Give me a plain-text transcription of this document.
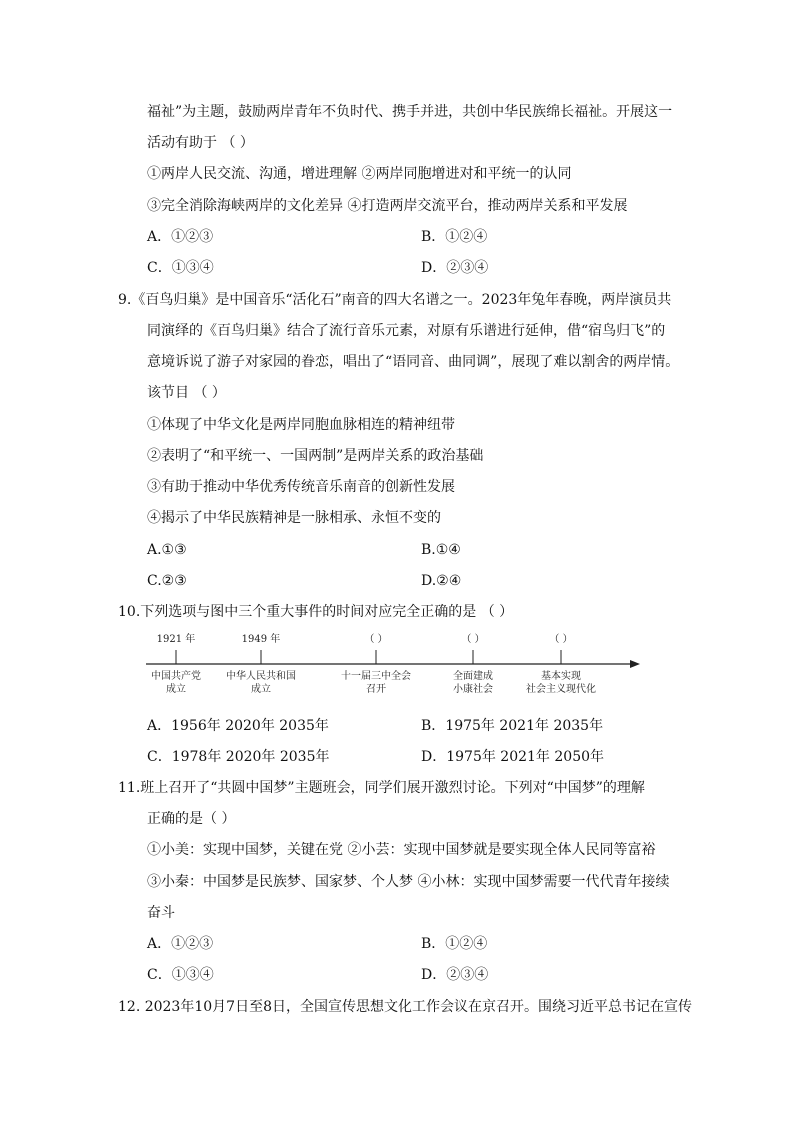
福祉”为主题，鼓励两岸青年不负时代、携手并进，共创中华民族绵长福祉。开展这一
活动有助于 （ ）
①两岸人民交流、沟通，增进理解 ②两岸同胞增进对和平统一的认同
③完全消除海峡两岸的文化差异 ④打造两岸交流平台，推动两岸关系和平发展
A．①②③	B．①②④
C．①③④	D．②③④
9.《百鸟归巢》是中国音乐“活化石”南音的四大名谱之一。2023年兔年春晚，两岸演员共
同演绎的《百鸟归巢》结合了流行音乐元素，对原有乐谱进行延伸，借“宿鸟归飞”的
意境诉说了游子对家园的眷恋，唱出了“语同音、曲同调”，展现了难以割舍的两岸情。
该节目 （ ）
①体现了中华文化是两岸同胞血脉相连的精神纽带
②表明了“和平统一、一国两制”是两岸关系的政治基础
③有助于推动中华优秀传统音乐南音的创新性发展
④揭示了中华民族精神是一脉相承、永恒不变的
A.①③	B.①④
C.②③	D.②④
10.下列选项与图中三个重大事件的时间对应完全正确的是 （ ）
1921 年	1949 年	（ ）	（ ）	（ ）
中国共产党
成立
中华人民共和国
成立
十一届三中全会
召开
全面建成
小康社会
基本实现
社会主义现代化
A．1956年 2020年 2035年	B．1975年 2021年 2035年
C．1978年 2020年 2035年	D．1975年 2021年 2050年
11.班上召开了“共圆中国梦”主题班会，同学们展开激烈讨论。下列对“中国梦”的理解
正确的是（ ）
①小美：实现中国梦，关键在党 ②小芸：实现中国梦就是要实现全体人民同等富裕
③小秦：中国梦是民族梦、国家梦、个人梦 ④小林：实现中国梦需要一代代青年接续
奋斗
A．①②③	B．①②④
C．①③④	D．②③④
12. 2023年10月7日至8日，全国宣传思想文化工作会议在京召开。围绕习近平总书记在宣传
